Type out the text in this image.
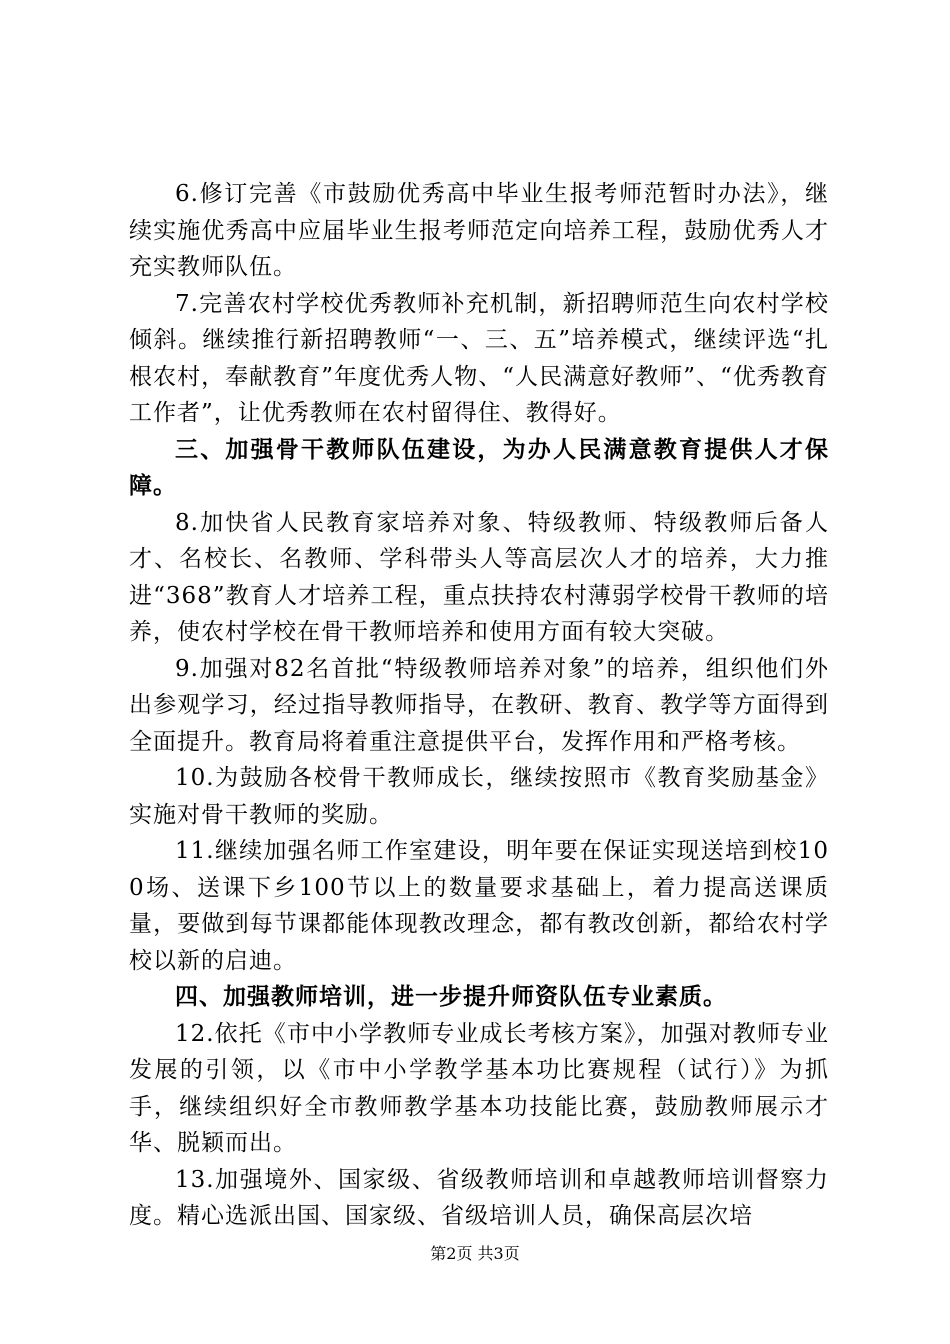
6.修订完善《市鼓励优秀高中毕业生报考师范暂时办法》，继续实施优秀高中应届毕业生报考师范定向培养工程，鼓励优秀人才充实教师队伍。

7.完善农村学校优秀教师补充机制，新招聘师范生向农村学校倾斜。继续推行新招聘教师“一、三、五”培养模式，继续评选“扎根农村，奉献教育”年度优秀人物、“人民满意好教师”、“优秀教育工作者”，让优秀教师在农村留得住、教得好。

三、加强骨干教师队伍建设，为办人民满意教育提供人才保障。

8.加快省人民教育家培养对象、特级教师、特级教师后备人才、名校长、名教师、学科带头人等高层次人才的培养，大力推进“368”教育人才培养工程，重点扶持农村薄弱学校骨干教师的培养，使农村学校在骨干教师培养和使用方面有较大突破。

9.加强对82名首批“特级教师培养对象”的培养，组织他们外出参观学习，经过指导教师指导，在教研、教育、教学等方面得到全面提升。教育局将着重注意提供平台，发挥作用和严格考核。

10.为鼓励各校骨干教师成长，继续按照市《教育奖励基金》实施对骨干教师的奖励。

11.继续加强名师工作室建设，明年要在保证实现送培到校100场、送课下乡100节以上的数量要求基础上，着力提高送课质量，要做到每节课都能体现教改理念，都有教改创新，都给农村学校以新的启迪。

四、加强教师培训，进一步提升师资队伍专业素质。

12.依托《市中小学教师专业成长考核方案》，加强对教师专业发展的引领，以《市中小学教学基本功比赛规程（试行）》为抓手，继续组织好全市教师教学基本功技能比赛，鼓励教师展示才华、脱颖而出。

13.加强境外、国家级、省级教师培训和卓越教师培训督察力度。精心选派出国、国家级、省级培训人员，确保高层次培

第2页 共3页
